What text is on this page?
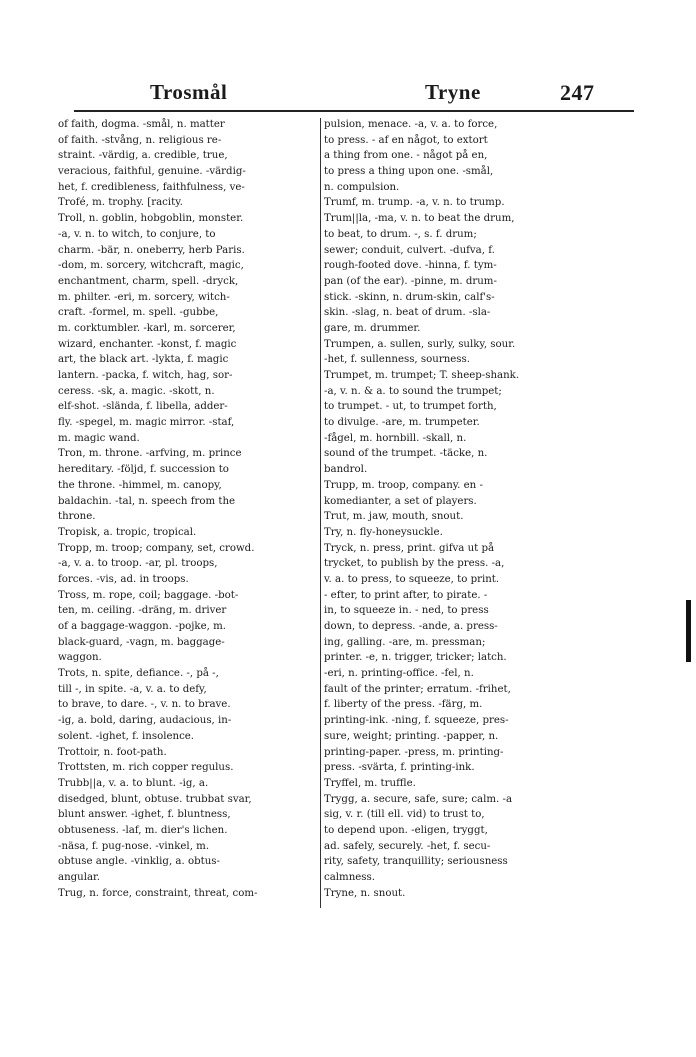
Trosmål	Tryne	247
of faith, dogma. -smål, n. matter
of faith. -stvång, n. religious re-
straint. -värdig, a. credible, true,
veracious, faithful, genuine. -värdig-
het, f. credibleness, faithfulness, ve-
Trofé, m. trophy. [racity.
Troll, n. goblin, hobgoblin, monster.
-a, v. n. to witch, to conjure, to
charm. -bär, n. oneberry, herb Paris.
-dom, m. sorcery, witchcraft, magic,
enchantment, charm, spell. -dryck,
m. philter. -eri, m. sorcery, witch-
craft. -formel, m. spell. -gubbe,
m. corktumbler. -karl, m. sorcerer,
wizard, enchanter. -konst, f. magic
art, the black art. -lykta, f. magic
lantern. -packa, f. witch, hag, sor-
ceress. -sk, a. magic. -skott, n.
elf-shot. -slända, f. libella, adder-
fly. -spegel, m. magic mirror. -staf,
m. magic wand.
Tron, m. throne. -arfving, m. prince
hereditary. -följd, f. succession to
the throne. -himmel, m. canopy,
baldachin. -tal, n. speech from the
throne.
Tropisk, a. tropic, tropical.
Tropp, m. troop; company, set, crowd.
-a, v. a. to troop. -ar, pl. troops,
forces. -vis, ad. in troops.
Tross, m. rope, coil; baggage. -bot-
ten, m. ceiling. -dräng, m. driver
of a baggage-waggon. -pojke, m.
black-guard, -vagn, m. baggage-
waggon.
Trots, n. spite, defiance. -, på -,
till -, in spite. -a, v. a. to defy,
to brave, to dare. -, v. n. to brave.
-ig, a. bold, daring, audacious, in-
solent. -ighet, f. insolence.
Trottoir, n. foot-path.
Trottsten, m. rich copper regulus.
Trubb||a, v. a. to blunt. -ig, a.
disedged, blunt, obtuse. trubbat svar,
blunt answer. -ighet, f. bluntness,
obtuseness. -laf, m. dier's lichen.
-näsa, f. pug-nose. -vinkel, m.
obtuse angle. -vinklig, a. obtus-
angular.
Trug, n. force, constraint, threat, com-
pulsion, menace. -a, v. a. to force,
to press. - af en något, to extort
a thing from one. - något på en,
to press a thing upon one. -smål,
n. compulsion.
Trumf, m. trump. -a, v. n. to trump.
Trum||la, -ma, v. n. to beat the drum,
to beat, to drum. -, s. f. drum;
sewer; conduit, culvert. -dufva, f.
rough-footed dove. -hinna, f. tym-
pan (of the ear). -pinne, m. drum-
stick. -skinn, n. drum-skin, calf's-
skin. -slag, n. beat of drum. -sla-
gare, m. drummer.
Trumpen, a. sullen, surly, sulky, sour.
-het, f. sullenness, sourness.
Trumpet, m. trumpet; T. sheep-shank.
-a, v. n. & a. to sound the trumpet;
to trumpet. - ut, to trumpet forth,
to divulge. -are, m. trumpeter.
-fågel, m. hornbill. -skall, n.
sound of the trumpet. -täcke, n.
bandrol.
Trupp, m. troop, company. en -
komedianter, a set of players.
Trut, m. jaw, mouth, snout.
Try, n. fly-honeysuckle.
Tryck, n. press, print. gifva ut på
trycket, to publish by the press. -a,
v. a. to press, to squeeze, to print.
- efter, to print after, to pirate. -
in, to squeeze in. - ned, to press
down, to depress. -ande, a. press-
ing, galling. -are, m. pressman;
printer. -e, n. trigger, tricker; latch.
-eri, n. printing-office. -fel, n.
fault of the printer; erratum. -frihet,
f. liberty of the press. -färg, m.
printing-ink. -ning, f. squeeze, pres-
sure, weight; printing. -papper, n.
printing-paper. -press, m. printing-
press. -svärta, f. printing-ink.
Tryffel, m. truffle.
Trygg, a. secure, safe, sure; calm. -a
sig, v. r. (till ell. vid) to trust to,
to depend upon. -eligen, tryggt,
ad. safely, securely. -het, f. secu-
rity, safety, tranquillity; seriousness
calmness.
Tryne, n. snout.
